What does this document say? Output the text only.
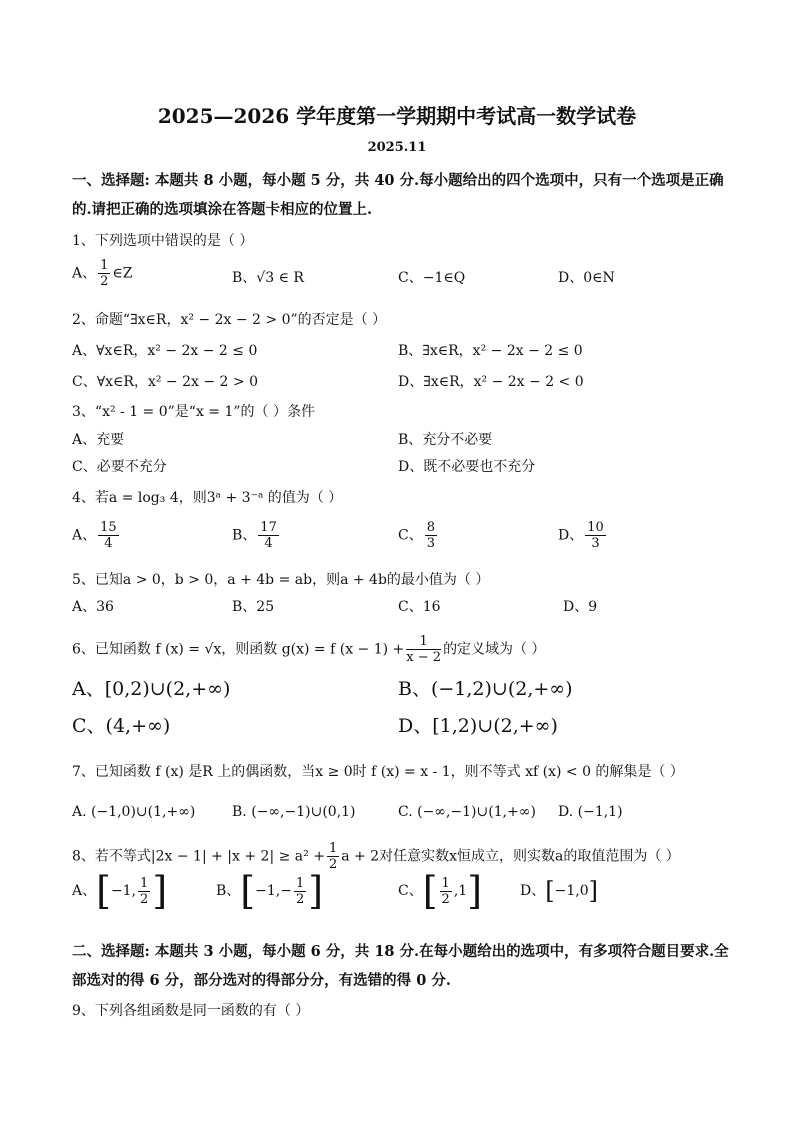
2025—2026 学年度第一学期期中考试高一数学试卷
2025.11
一、选择题: 本题共 8 小题，每小题 5 分，共 40 分.每小题给出的四个选项中，只有一个选项是正确的.请把正确的选项填涂在答题卡相应的位置上.
1、下列选项中错误的是（ ）
A、 $\frac{1}{2}$ ∈Z	B、√3 ∈ R	C、−1∈Q	D、0∈N
2、命题“∃x∈R，x² − 2x − 2 > 0”的否定是（ ）
A、∀x∈R，x² − 2x − 2 ≤ 0	B、∃x∈R，x² − 2x − 2 ≤ 0
C、∀x∈R，x² − 2x − 2 > 0	D、∃x∈R，x² − 2x − 2 < 0
3、“x² - 1 = 0”是“x = 1”的（ ）条件
A、充要	B、充分不必要
C、必要不充分	D、既不必要也不充分
4、若a = log₃ 4，则3ᵃ + 3⁻ᵃ 的值为（ ）
A、 $\frac{15}{4}$	B、 $\frac{17}{4}$	C、 $\frac{8}{3}$	D、 $\frac{10}{3}$
5、已知a > 0，b > 0，a + 4b = ab，则a + 4b的最小值为（ ）
A、36	B、25	C、16	D、9
6、已知函数 f (x) = √x，则函数 g(x) = f $(x - 1) + \frac{1}{x - 2}$ 的定义域为（ ）
A、[0,2)∪(2,+∞)	B、(−1,2)∪(2,+∞)
C、(4,+∞)	D、[1,2)∪(2,+∞)
7、已知函数 f (x) 是R 上的偶函数，当x ≥ 0时 f (x) = x - 1，则不等式 xf (x) < 0 的解集是（ ）
A. (−1,0)∪(1,+∞)	B. (−∞,−1)∪(0,1)	C. (−∞,−1)∪(1,+∞) D. (−1,1)
8、若不等式$|2x - 1| + |x + 2| \ge a^2 + \frac{1}{2}$ a + 2对任意实数x恒成立，则实数a的取值范围为（ ）
A、[−1, $\frac{1}{2}$ ]	B、[$-1,- \frac{1}{2}$ ]	C、[ $\frac{1}{2} ,1$]	D、[−1,0]
二、选择题: 本题共 3 小题，每小题 6 分，共 18 分.在每小题给出的选项中，有多项符合题目要求.全部选对的得 6 分，部分选对的得部分分，有选错的得 0 分.
9、下列各组函数是同一函数的有（ ）
